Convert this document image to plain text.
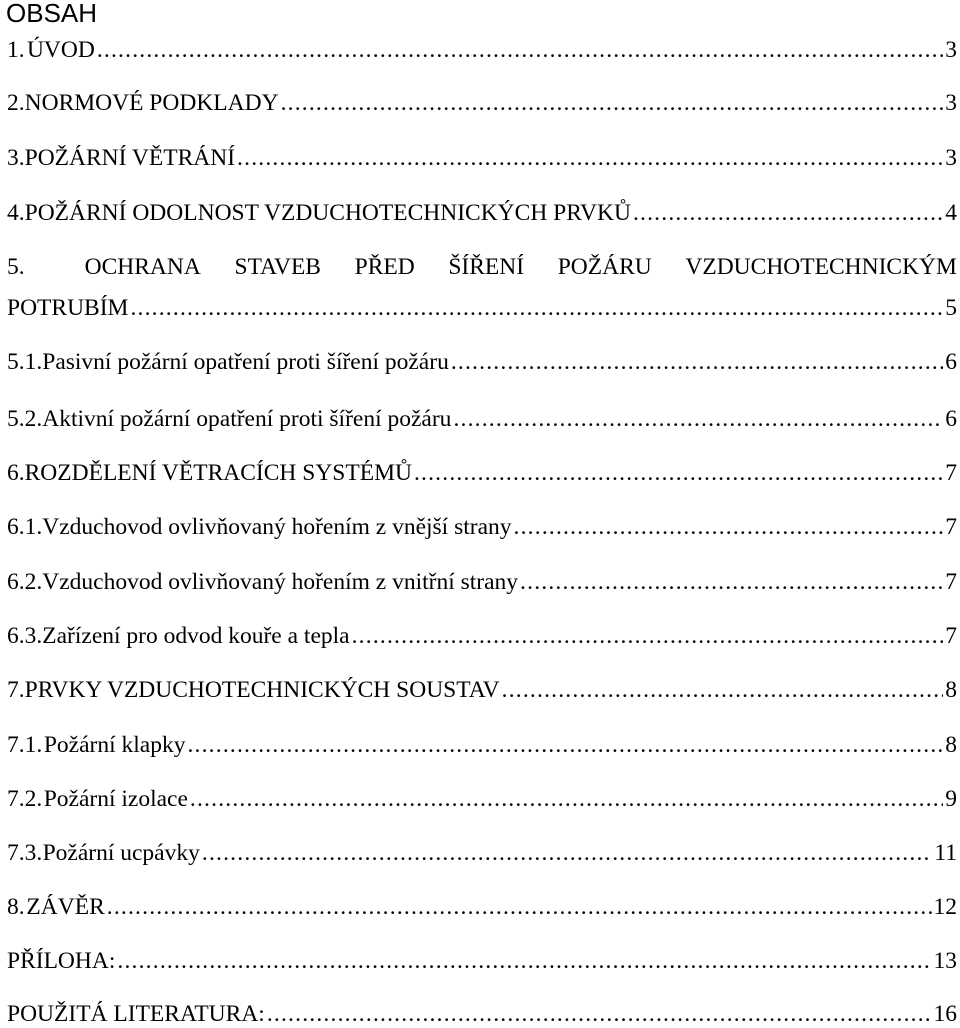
OBSAH
1. ÚVOD .....	3
2. NORMOVÉ PODKLADY .....	3
3. POŽÁRNÍ VĚTRÁNÍ .....	3
4. POŽÁRNÍ ODOLNOST VZDUCHOTECHNICKÝCH PRVKŮ .....	4
5.	OCHRANA STAVEB PŘED ŠÍŘENÍ POŽÁRU VZDUCHOTECHNICKÝM
POTRUBÍM .....	5
5.1. Pasivní požární opatření proti šíření požáru .....	6
5.2. Aktivní požární opatření proti šíření požáru .....	6
6. ROZDĚLENÍ VĚTRACÍCH SYSTÉMŮ .....	7
6.1. Vzduchovod ovlivňovaný hořením z vnější strany .....	7
6.2. Vzduchovod ovlivňovaný hořením z vnitřní strany .....	7
6.3. Zařízení pro odvod kouře a tepla .....	7
7. PRVKY VZDUCHOTECHNICKÝCH SOUSTAV .....	8
7.1. Požární klapky .....	8
7.2. Požární izolace .....	9
7.3. Požární ucpávky .....	11
8. ZÁVĚR .....	12
PŘÍLOHA: .....	13
POUŽITÁ LITERATURA: .....	16
